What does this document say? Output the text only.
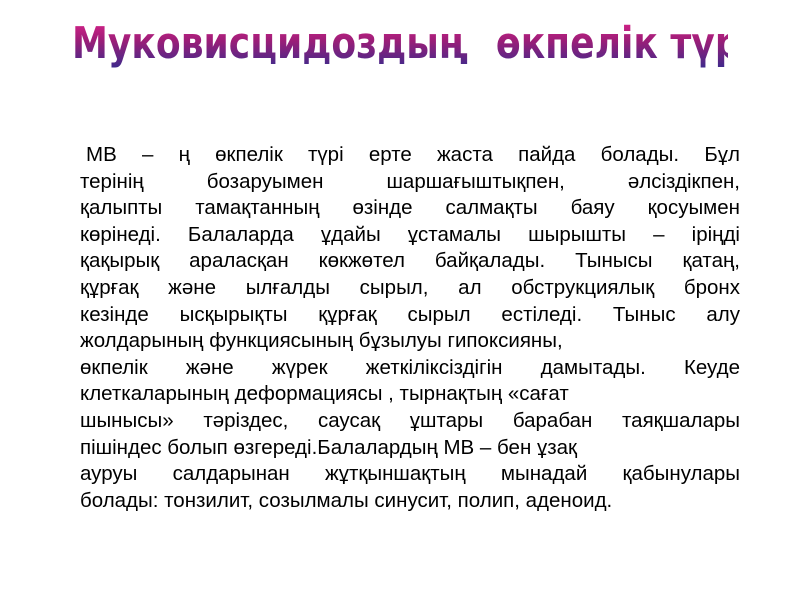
Муковисцидоздың өкпелік түрі
МВ – ң өкпелік түрі ерте жаста пайда болады. Бұл
терінің бозаруымен шаршағыштықпен, әлсіздікпен,
қалыпты тамақтанның өзінде салмақты баяу қосуымен
көрінеді. Балаларда ұдайы ұстамалы шырышты – іріңді
қақырық араласқан көкжөтел байқалады. Тынысы қатаң,
құрғақ және ылғалды сырыл, ал обструкциялық бронх
кезінде ысқырықты құрғақ сырыл естіледі. Тыныс алу
жолдарының функциясының бұзылуы гипоксияны,
өкпелік және жүрек жеткіліксіздігін дамытады. Кеуде
клеткаларының деформациясы , тырнақтың «сағат
шынысы» тәріздес, саусақ ұштары барабан таяқшалары
пішіндес болып өзгереді.Балалардың МВ – бен ұзақ
ауруы салдарынан жұтқыншақтың мынадай қабынулары
болады: тонзилит, созылмалы синусит, полип, аденоид.
